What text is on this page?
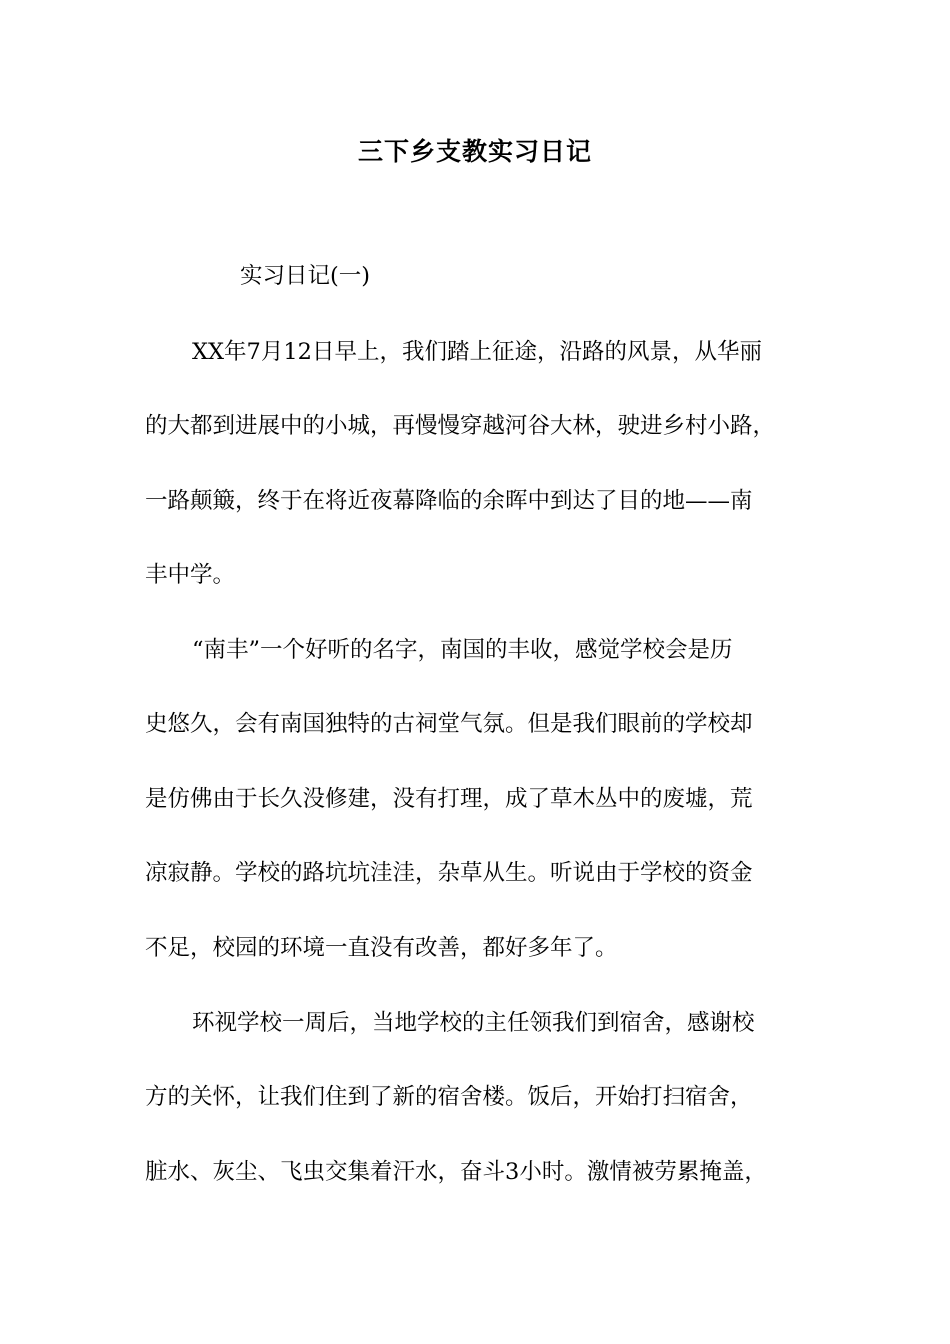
三下乡支教实习日记
实习日记(一)
XX年7月12日早上，我们踏上征途，沿路的风景，从华丽
的大都到进展中的小城，再慢慢穿越河谷大林，驶进乡村小路，
一路颠簸，终于在将近夜幕降临的余晖中到达了目的地——南
丰中学。
“南丰”一个好听的名字，南国的丰收，感觉学校会是历
史悠久，会有南国独特的古祠堂气氛。但是我们眼前的学校却
是仿佛由于长久没修建，没有打理，成了草木丛中的废墟，荒
凉寂静。学校的路坑坑洼洼，杂草从生。听说由于学校的资金
不足，校园的环境一直没有改善，都好多年了。
环视学校一周后，当地学校的主任领我们到宿舍，感谢校
方的关怀，让我们住到了新的宿舍楼。饭后，开始打扫宿舍，
脏水、灰尘、飞虫交集着汗水，奋斗3小时。激情被劳累掩盖，
